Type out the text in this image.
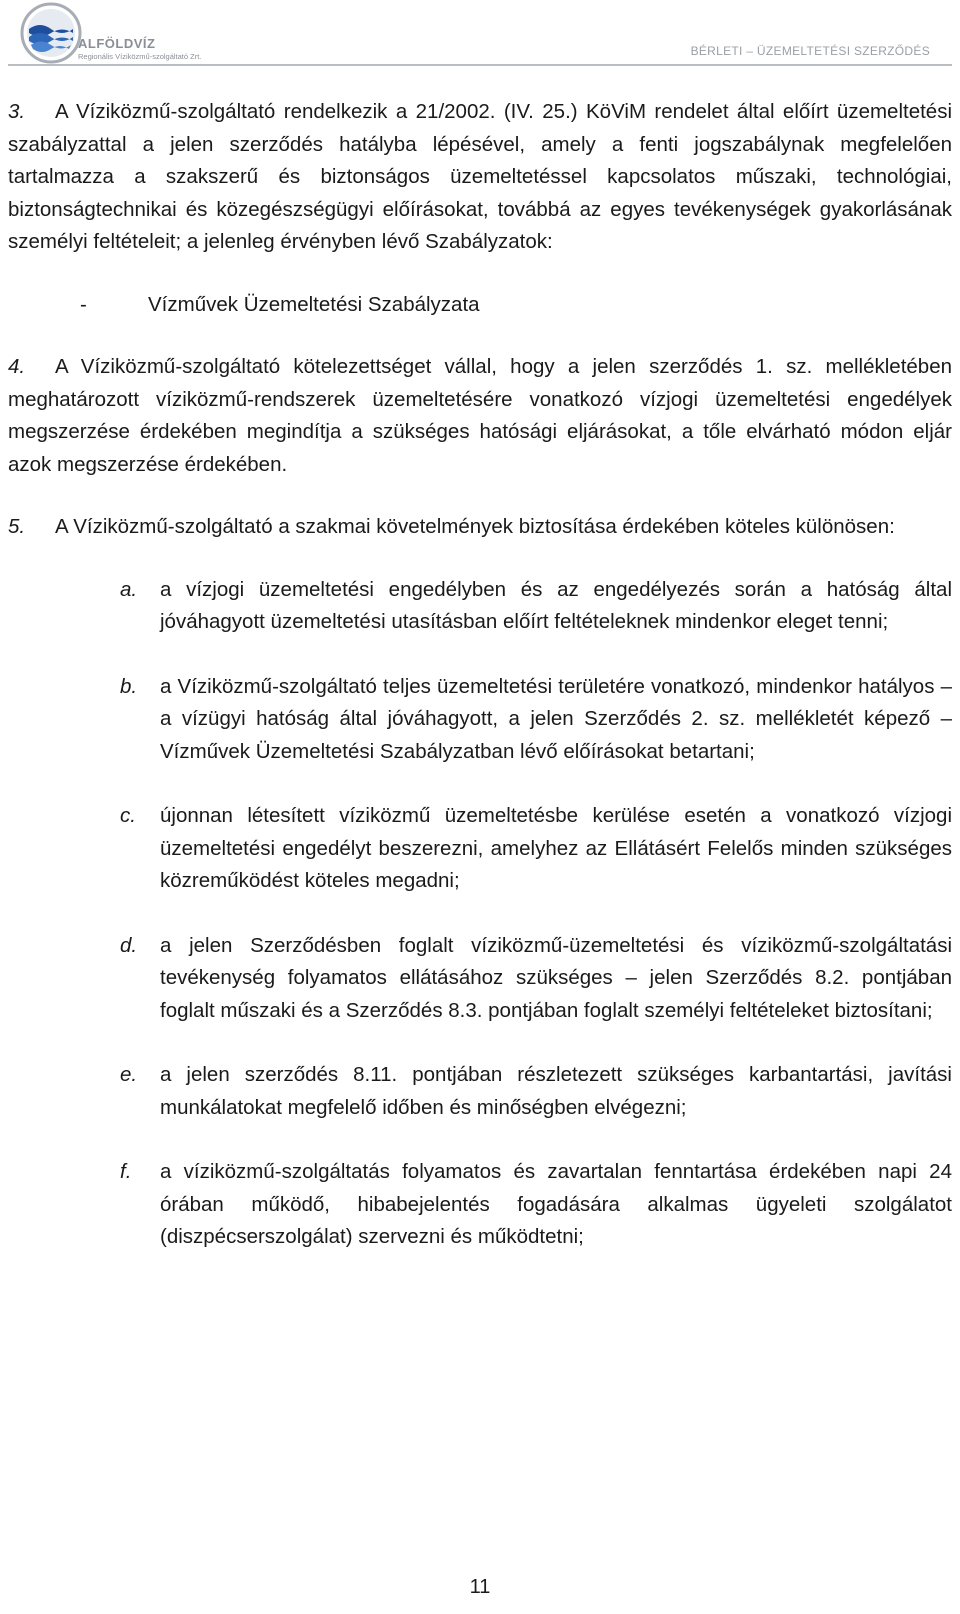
ALFÖLDVÍZ
Regionális Víziközmű-szolgáltató Zrt.	BÉRLETI – ÜZEMELTETÉSI SZERZŐDÉS

3. A Víziközmű-szolgáltató rendelkezik a 21/2002. (IV. 25.) KöViM rendelet által előírt üzemeltetési szabályzattal a jelen szerződés hatályba lépésével, amely a fenti jogszabálynak megfelelően tartalmazza a szakszerű és biztonságos üzemeltetéssel kapcsolatos műszaki, technológiai, biztonságtechnikai és közegészségügyi előírásokat, továbbá az egyes tevékenységek gyakorlásának személyi feltételeit; a jelenleg érvényben lévő Szabályzatok:

-	Vízművek Üzemeltetési Szabályzata

4. A Víziközmű-szolgáltató kötelezettséget vállal, hogy a jelen szerződés 1. sz. mellékletében meghatározott víziközmű-rendszerek üzemeltetésére vonatkozó vízjogi üzemeltetési engedélyek megszerzése érdekében megindítja a szükséges hatósági eljárásokat, a tőle elvárható módon eljár azok megszerzése érdekében.

5. A Víziközmű-szolgáltató a szakmai követelmények biztosítása érdekében köteles különösen:

a. a vízjogi üzemeltetési engedélyben és az engedélyezés során a hatóság által jóváhagyott üzemeltetési utasításban előírt feltételeknek mindenkor eleget tenni;

b. a Víziközmű-szolgáltató teljes üzemeltetési területére vonatkozó, mindenkor hatályos – a vízügyi hatóság által jóváhagyott, a jelen Szerződés 2. sz. mellékletét képező – Vízművek Üzemeltetési Szabályzatban lévő előírásokat betartani;

c. újonnan létesített víziközmű üzemeltetésbe kerülése esetén a vonatkozó vízjogi üzemeltetési engedélyt beszerezni, amelyhez az Ellátásért Felelős minden szükséges közreműködést köteles megadni;

d. a jelen Szerződésben foglalt víziközmű-üzemeltetési és víziközmű-szolgáltatási tevékenység folyamatos ellátásához szükséges – jelen Szerződés 8.2. pontjában foglalt műszaki és a Szerződés 8.3. pontjában foglalt személyi feltételeket biztosítani;

e. a jelen szerződés 8.11. pontjában részletezett szükséges karbantartási, javítási munkálatokat megfelelő időben és minőségben elvégezni;

f. a víziközmű-szolgáltatás folyamatos és zavartalan fenntartása érdekében napi 24 órában működő, hibabejelentés fogadására alkalmas ügyeleti szolgálatot (diszpécserszolgálat) szervezni és működtetni;

11
